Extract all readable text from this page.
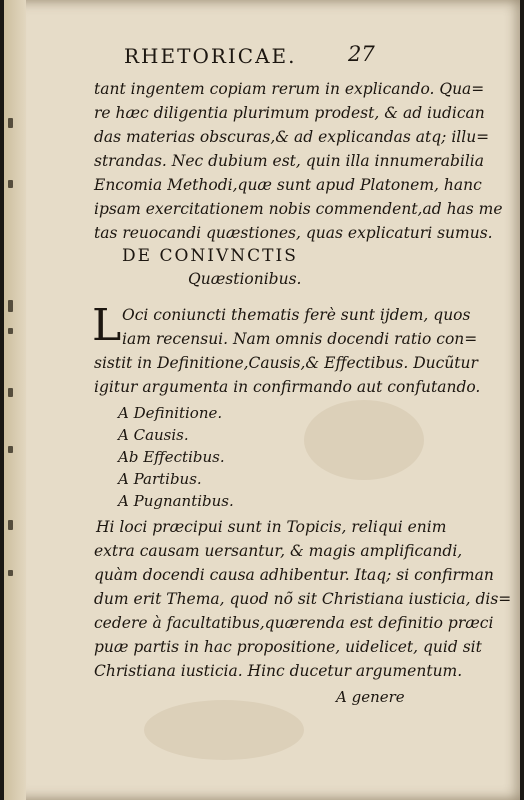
RHETORICAE. 27
tant ingentem copiam rerum in explicando. Qua=
re hæc diligentia plurimum prodest, & ad iudican
das materias obscuras,& ad explicandas atq; illu=
strandas. Nec dubium est, quin illa innumerabilia
Encomia Methodi,quæ sunt apud Platonem, hanc
ipsam exercitationem nobis commendent,ad has me
tas reuocandi quæstiones, quas explicaturi sumus.
DE CONIVNCTIS
Quæstionibus.
L Oci coniuncti thematis ferè sunt ijdem, quos
iam recensui. Nam omnis docendi ratio con=
sistit in Definitione,Causis,& Effectibus. Ducũtur
igitur argumenta in confirmando aut confutando.
A Definitione.
A Causis.
Ab Effectibus.
A Partibus.
A Pugnantibus.
Hi loci præcipui sunt in Topicis, reliqui enim
extra causam uersantur, & magis amplificandi,
quàm docendi causa adhibentur. Itaq; si confirman
dum erit Thema, quod nõ sit Christiana iusticia, dis=
cedere à facultatibus,quærenda est definitio præci
puæ partis in hac propositione, uidelicet, quid sit
Christiana iusticia. Hinc ducetur argumentum.
A genere
